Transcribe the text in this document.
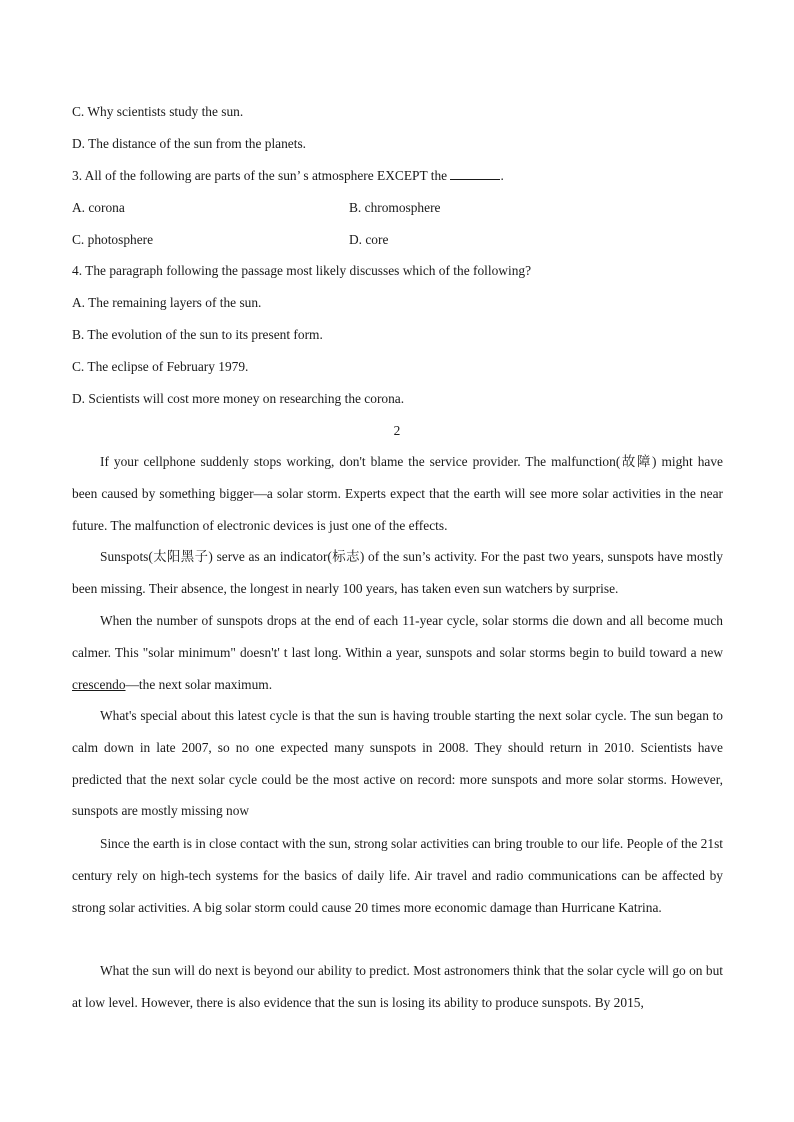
C. Why scientists study the sun.
D. The distance of the sun from the planets.
3. All of the following are parts of the sun’ s atmosphere EXCEPT the	.
A. corona	B. chromosphere
C. photosphere	D. core
4. The paragraph following the passage most likely discusses which of the following?
A. The remaining layers of the sun.
B. The evolution of the sun to its present form.
C. The eclipse of February 1979.
D. Scientists will cost more money on researching the corona.
2
If your cellphone suddenly stops working, don't blame the service provider. The malfunction(故障) might have been caused by something bigger—a solar storm. Experts expect that the earth will see more solar activities in the near future. The malfunction of electronic devices is just one of the effects.
Sunspots(太阳黑子) serve as an indicator(标志) of the sun’s activity. For the past two years, sunspots have mostly been missing. Their absence, the longest in nearly 100 years, has taken even sun watchers by surprise.
When the number of sunspots drops at the end of each 11-year cycle, solar storms die down and all become much calmer. This "solar minimum" doesn't' t last long. Within a year, sunspots and solar storms begin to build toward a new crescendo—the next solar maximum.
What's special about this latest cycle is that the sun is having trouble starting the next solar cycle. The sun began to calm down in late 2007, so no one expected many sunspots in 2008. They should return in 2010. Scientists have predicted that the next solar cycle could be the most active on record: more sunspots and more solar storms. However, sunspots are mostly missing now
Since the earth is in close contact with the sun, strong solar activities can bring trouble to our life. People of the 21st century rely on high-tech systems for the basics of daily life. Air travel and radio communications can be affected by strong solar activities. A big solar storm could cause 20 times more economic damage than Hurricane Katrina.
What the sun will do next is beyond our ability to predict. Most astronomers think that the solar cycle will go on but at low level. However, there is also evidence that the sun is losing its ability to produce sunspots. By 2015,
